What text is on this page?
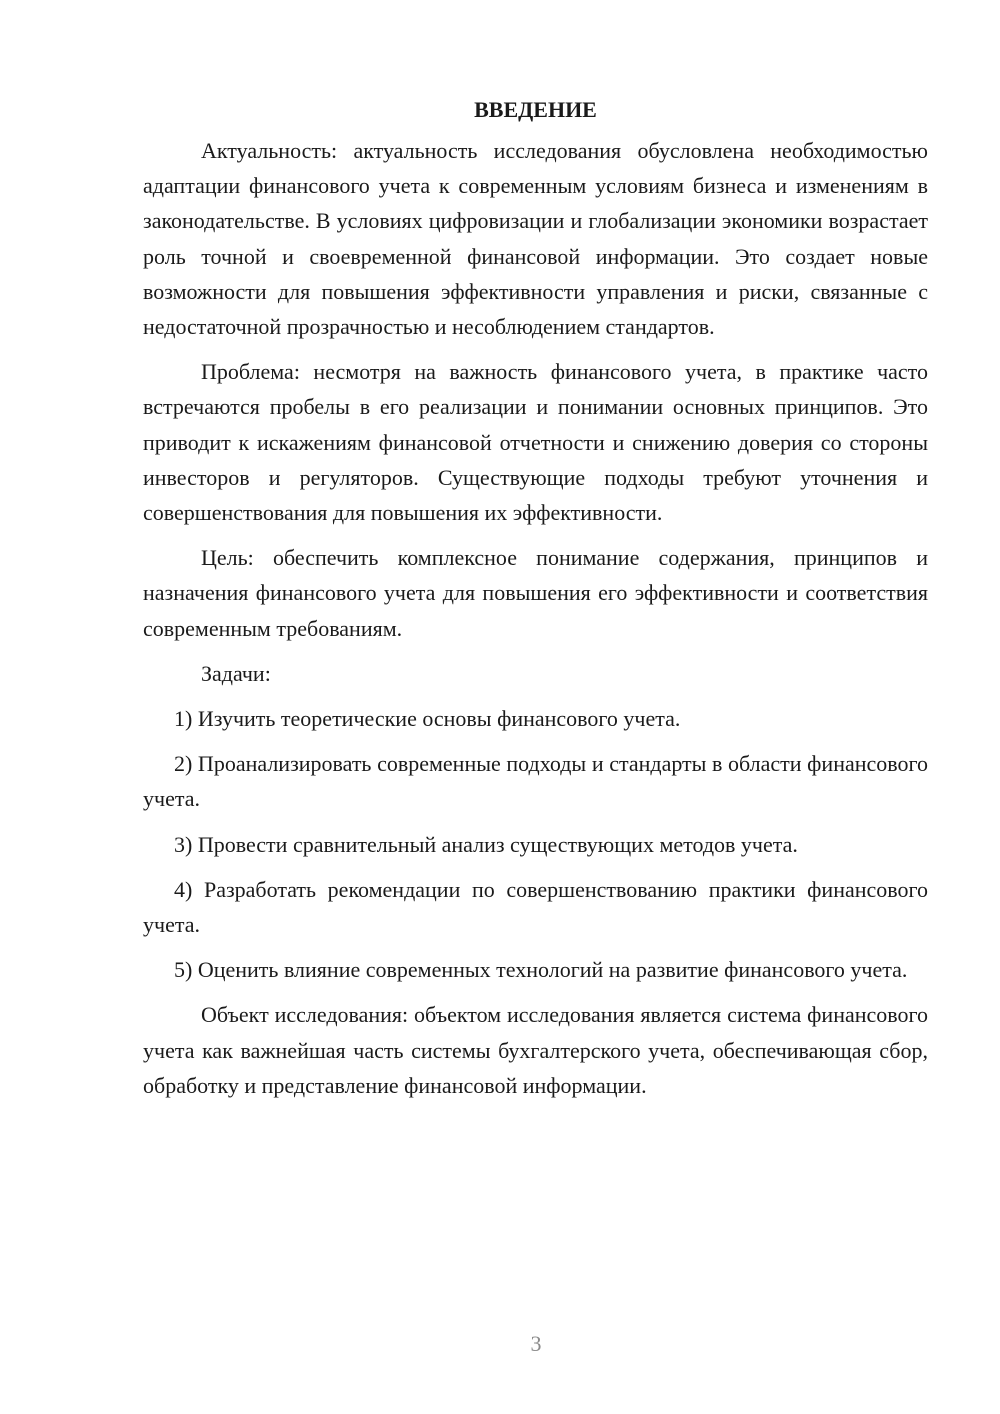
ВВЕДЕНИЕ

Актуальность: актуальность исследования обусловлена необходимостью адаптации финансового учета к современным условиям бизнеса и изменениям в законодательстве. В условиях цифровизации и глобализации экономики возрастает роль точной и своевременной финансовой информации. Это создает новые возможности для повышения эффективности управления и риски, связанные с недостаточной прозрачностью и несоблюдением стандартов.

Проблема: несмотря на важность финансового учета, в практике часто встречаются пробелы в его реализации и понимании основных принципов. Это приводит к искажениям финансовой отчетности и снижению доверия со стороны инвесторов и регуляторов. Существующие подходы требуют уточнения и совершенствования для повышения их эффективности.

Цель: обеспечить комплексное понимание содержания, принципов и назначения финансового учета для повышения его эффективности и соответствия современным требованиям.

Задачи:

1) Изучить теоретические основы финансового учета.

2) Проанализировать современные подходы и стандарты в области финансового учета.

3) Провести сравнительный анализ существующих методов учета.

4) Разработать рекомендации по совершенствованию практики финансового учета.

5) Оценить влияние современных технологий на развитие финансового учета.

Объект исследования: объектом исследования является система финансового учета как важнейшая часть системы бухгалтерского учета, обеспечивающая сбор, обработку и представление финансовой информации.

3
